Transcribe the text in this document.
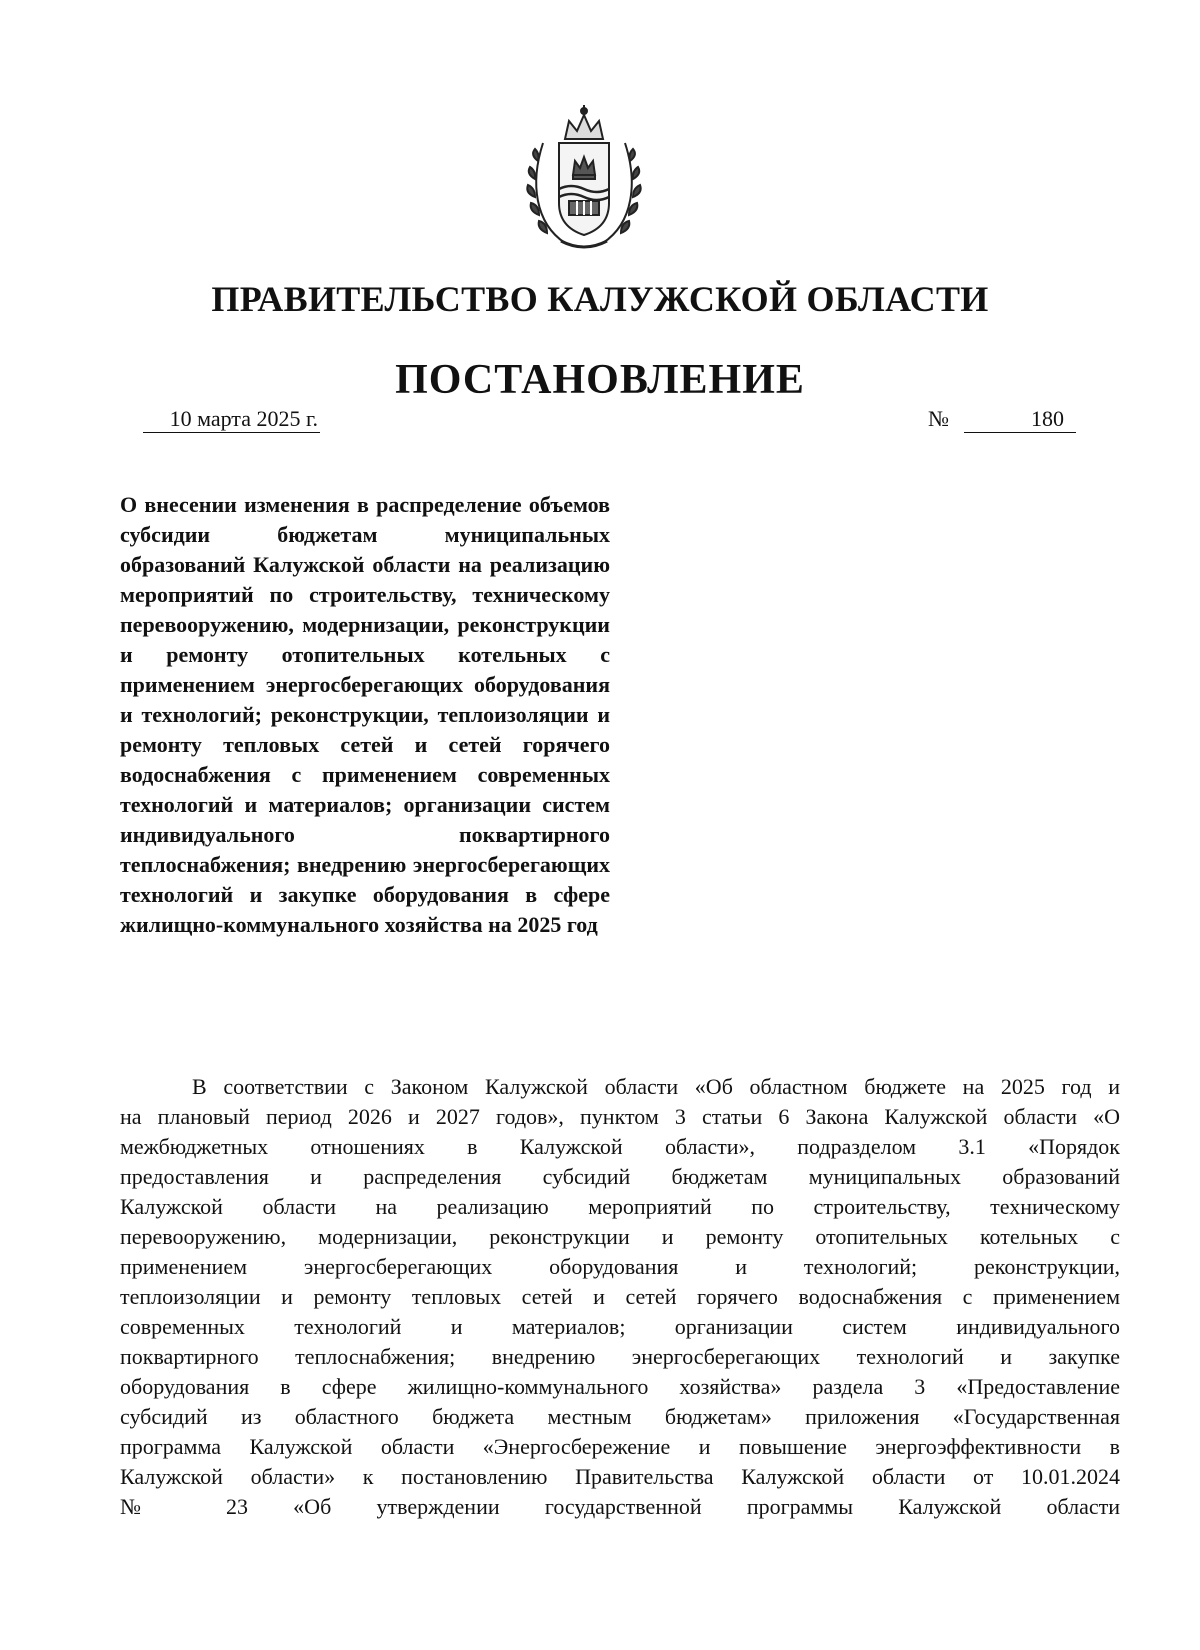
ПРАВИТЕЛЬСТВО КАЛУЖСКОЙ ОБЛАСТИ
ПОСТАНОВЛЕНИЕ
10 марта 2025 г.	№	180
О внесении изменения в распределение объемов субсидии бюджетам муниципальных образований Калужской области на реализацию мероприятий по строительству, техническому перевооружению, модернизации, реконструкции и ремонту отопительных котельных с применением энергосберегающих оборудования и технологий; реконструкции, теплоизоляции и ремонту тепловых сетей и сетей горячего водоснабжения с применением современных технологий и материалов; организации систем индивидуального поквартирного теплоснабжения; внедрению энергосберегающих технологий и закупке оборудования в сфере жилищно-коммунального хозяйства на 2025 год
В соответствии с Законом Калужской области «Об областном бюджете на 2025 год и
на плановый период 2026 и 2027 годов», пунктом 3 статьи 6 Закона Калужской области «О
межбюджетных отношениях в Калужской области», подразделом 3.1 «Порядок
предоставления и распределения субсидий бюджетам муниципальных образований
Калужской области на реализацию мероприятий по строительству, техническому
перевооружению, модернизации, реконструкции и ремонту отопительных котельных с
применением энергосберегающих оборудования и технологий; реконструкции,
теплоизоляции и ремонту тепловых сетей и сетей горячего водоснабжения с применением
современных технологий и материалов; организации систем индивидуального
поквартирного теплоснабжения; внедрению энергосберегающих технологий и закупке
оборудования в сфере жилищно-коммунального хозяйства» раздела 3 «Предоставление
субсидий из областного бюджета местным бюджетам» приложения «Государственная
программа Калужской области «Энергосбережение и повышение энергоэффективности в
Калужской области» к постановлению Правительства Калужской области от 10.01.2024
№ 23 «Об утверждении государственной программы Калужской области
